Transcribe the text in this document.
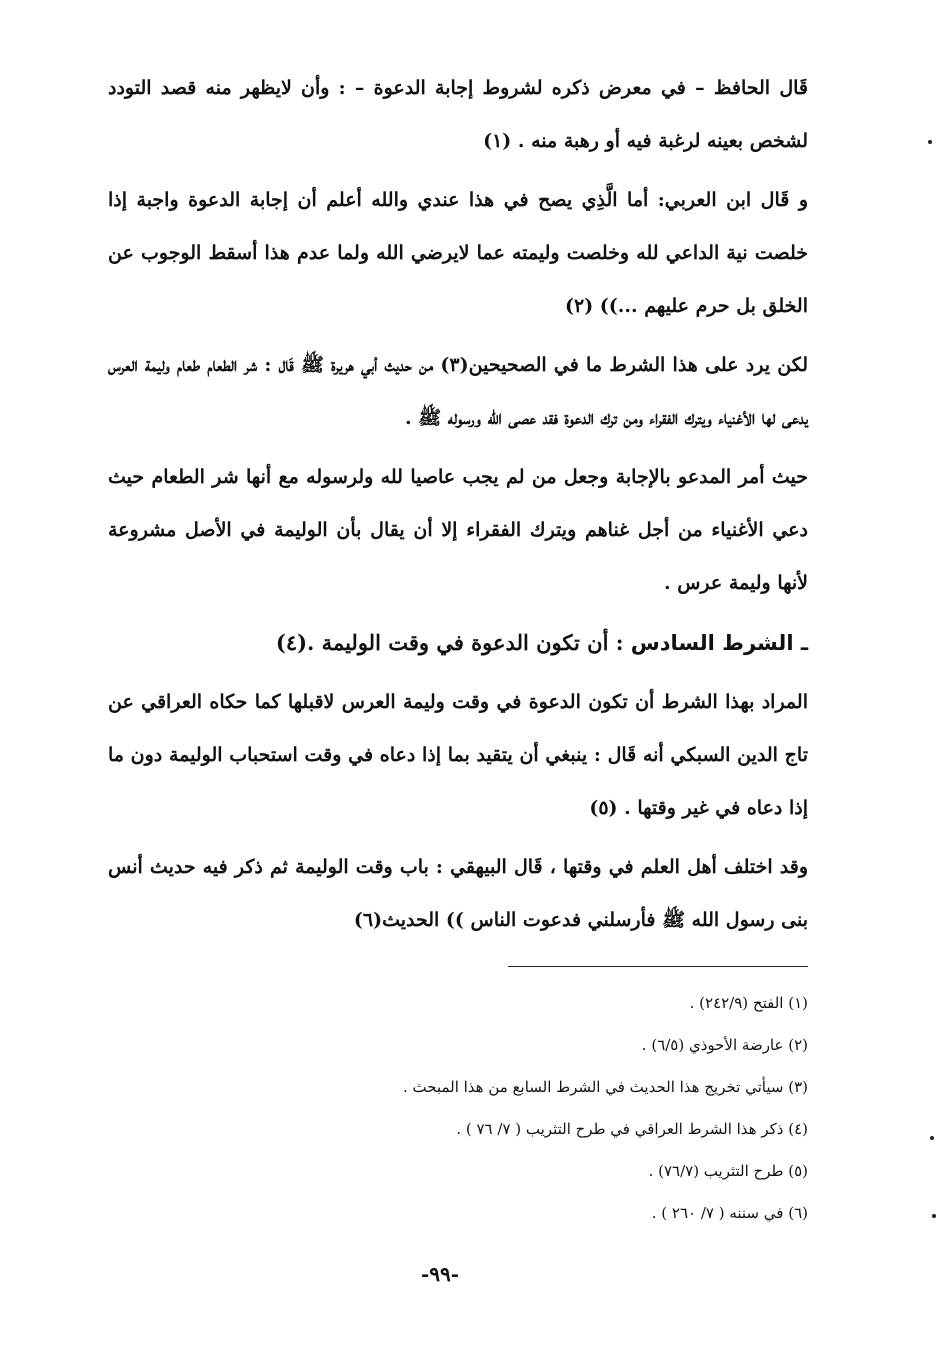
قَال الحافظ – في معرض ذكره لشروط إجابة الدعوة – : وأن لايظهر منه قصد التودد لشخص بعينه لرغبة فيه أو رهبة منه . (١)

و قَال ابن العربي: أما الَّذِي يصح في هذا عندي والله أعلم أن إجابة الدعوة واجبة إذا خلصت نية الداعي لله وخلصت وليمته عما لايرضي الله ولما عدم هذا أسقط الوجوب عن الخلق بل حرم عليهم ...)) (٢)

لكن يرد على هذا الشرط ما في الصحيحين(٣) من حديث أبي هريرة ﷺ قَال : شر الطعام طعام وليمة العرس يدعى لها الأغنياء ويترك الفقراء ومن ترك الدعوة فقد عصى الله ورسوله ﷺ .

حيث أمر المدعو بالإجابة وجعل من لم يجب عاصيا لله ولرسوله مع أنها شر الطعام حيث دعي الأغنياء من أجل غناهم ويترك الفقراء إلا أن يقال بأن الوليمة في الأصل مشروعة لأنها وليمة عرس .

ـ الشرط السادس : أن تكون الدعوة في وقت الوليمة .(٤)

المراد بهذا الشرط أن تكون الدعوة في وقت وليمة العرس لاقبلها كما حكاه العراقي عن تاج الدين السبكي أنه قَال : ينبغي أن يتقيد بما إذا دعاه في وقت استحباب الوليمة دون ما إذا دعاه في غير وقتها . (٥)

وقد اختلف أهل العلم في وقتها ، قَال البيهقي : باب وقت الوليمة ثم ذكر فيه حديث أنس بنى رسول الله ﷺ فأرسلني فدعوت الناس )) الحديث(٦)

(١) الفتح (٢٤٢/٩) .

(٢) عارضة الأحوذي (٦/٥) .

(٣) سيأتي تخريج هذا الحديث في الشرط السابع من هذا المبحث .

(٤) ذكر هذا الشرط العراقي في طرح التثريب ( ٧/ ٧٦ ) .

(٥) طرح التثريب (٧٦/٧) .

(٦) في سننه ( ٧/ ٢٦٠ ) .

-٩٩-
